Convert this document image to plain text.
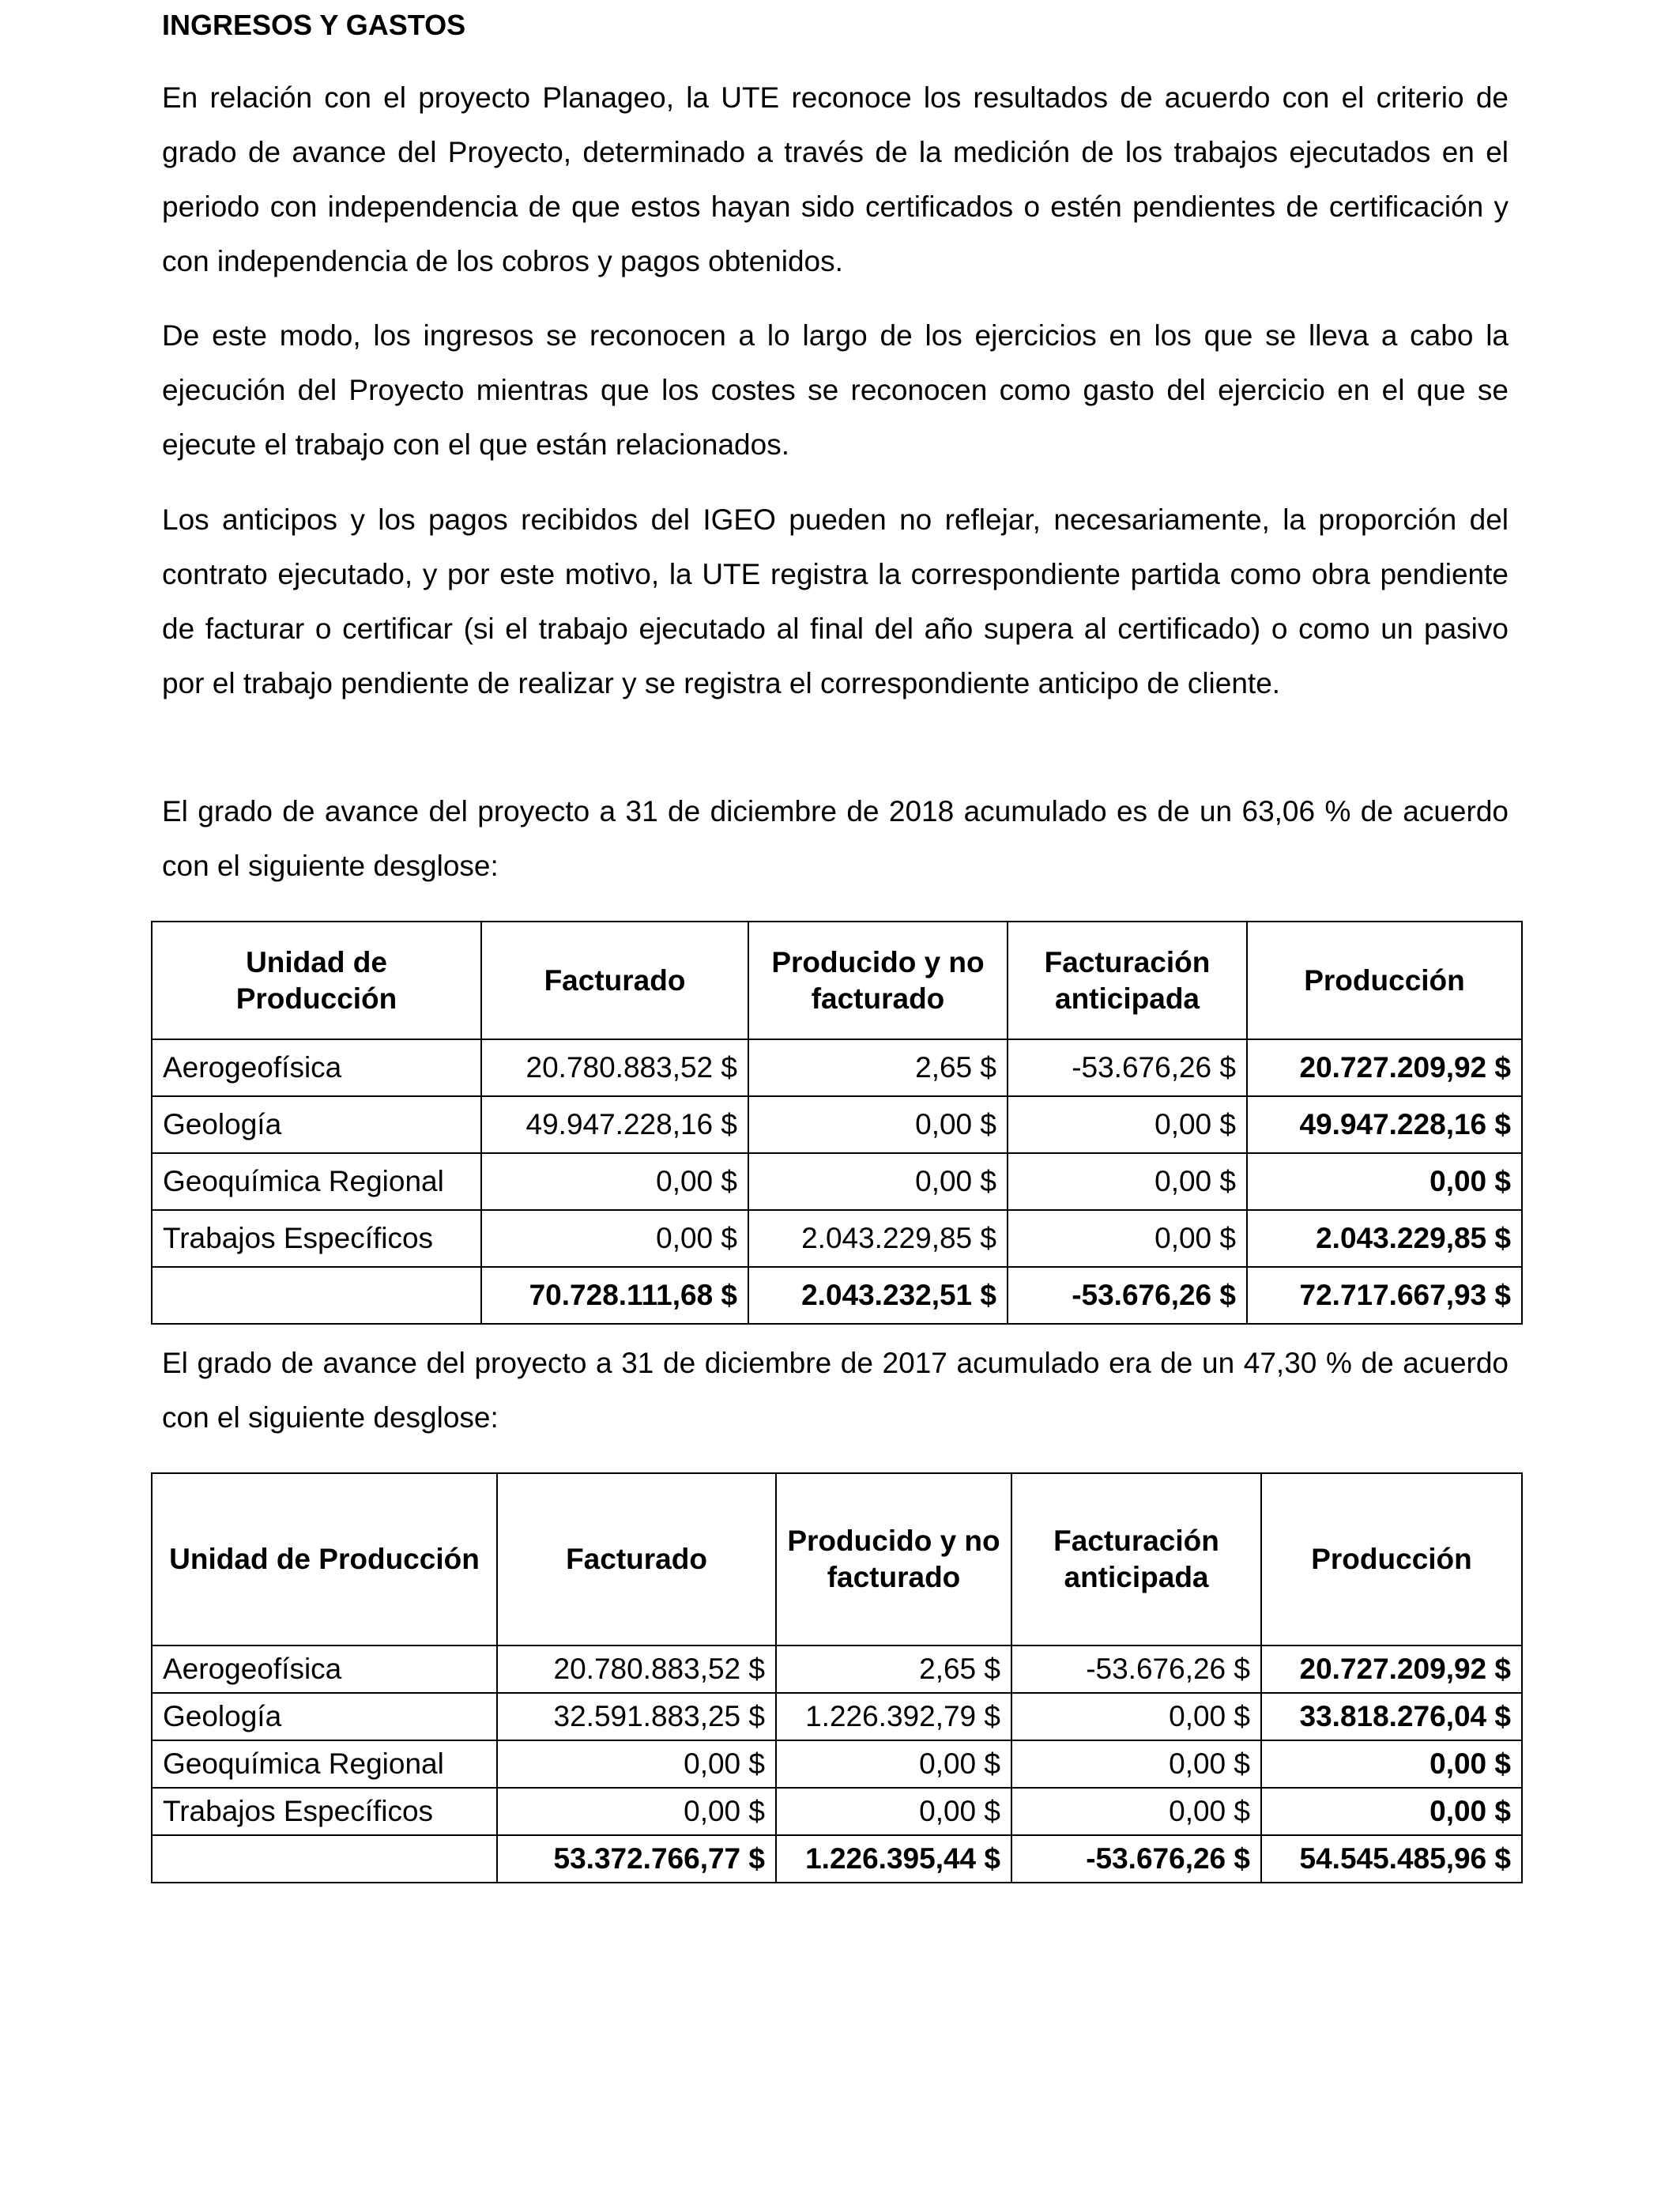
INGRESOS Y GASTOS

En relación con el proyecto Planageo, la UTE reconoce los resultados de acuerdo con el criterio de grado de avance del Proyecto, determinado a través de la medición de los trabajos ejecutados en el periodo con independencia de que estos hayan sido certificados o estén pendientes de certificación y con independencia de los cobros y pagos obtenidos.

De este modo, los ingresos se reconocen a lo largo de los ejercicios en los que se lleva a cabo la ejecución del Proyecto mientras que los costes se reconocen como gasto del ejercicio en el que se ejecute el trabajo con el que están relacionados.

Los anticipos y los pagos recibidos del IGEO pueden no reflejar, necesariamente, la proporción del contrato ejecutado, y por este motivo, la UTE registra la correspondiente partida como obra pendiente de facturar o certificar (si el trabajo ejecutado al final del año supera al certificado) o como un pasivo por el trabajo pendiente de realizar y se registra el correspondiente anticipo de cliente.

El grado de avance del proyecto a 31 de diciembre de 2018 acumulado es de un 63,06 % de acuerdo con el siguiente desglose:

Unidad de Producción	Facturado	Producido y no facturado	Facturación anticipada	Producción
Aerogeofísica	20.780.883,52 $	2,65 $	-53.676,26 $	20.727.209,92 $
Geología	49.947.228,16 $	0,00 $	0,00 $	49.947.228,16 $
Geoquímica Regional	0,00 $	0,00 $	0,00 $	0,00 $
Trabajos Específicos	0,00 $	2.043.229,85 $	0,00 $	2.043.229,85 $
	70.728.111,68 $	2.043.232,51 $	-53.676,26 $	72.717.667,93 $

El grado de avance del proyecto a 31 de diciembre de 2017 acumulado era de un 47,30 % de acuerdo con el siguiente desglose:

Unidad de Producción	Facturado	Producido y no facturado	Facturación anticipada	Producción
Aerogeofísica	20.780.883,52 $	2,65 $	-53.676,26 $	20.727.209,92 $
Geología	32.591.883,25 $	1.226.392,79 $	0,00 $	33.818.276,04 $
Geoquímica Regional	0,00 $	0,00 $	0,00 $	0,00 $
Trabajos Específicos	0,00 $	0,00 $	0,00 $	0,00 $
	53.372.766,77 $	1.226.395,44 $	-53.676,26 $	54.545.485,96 $
